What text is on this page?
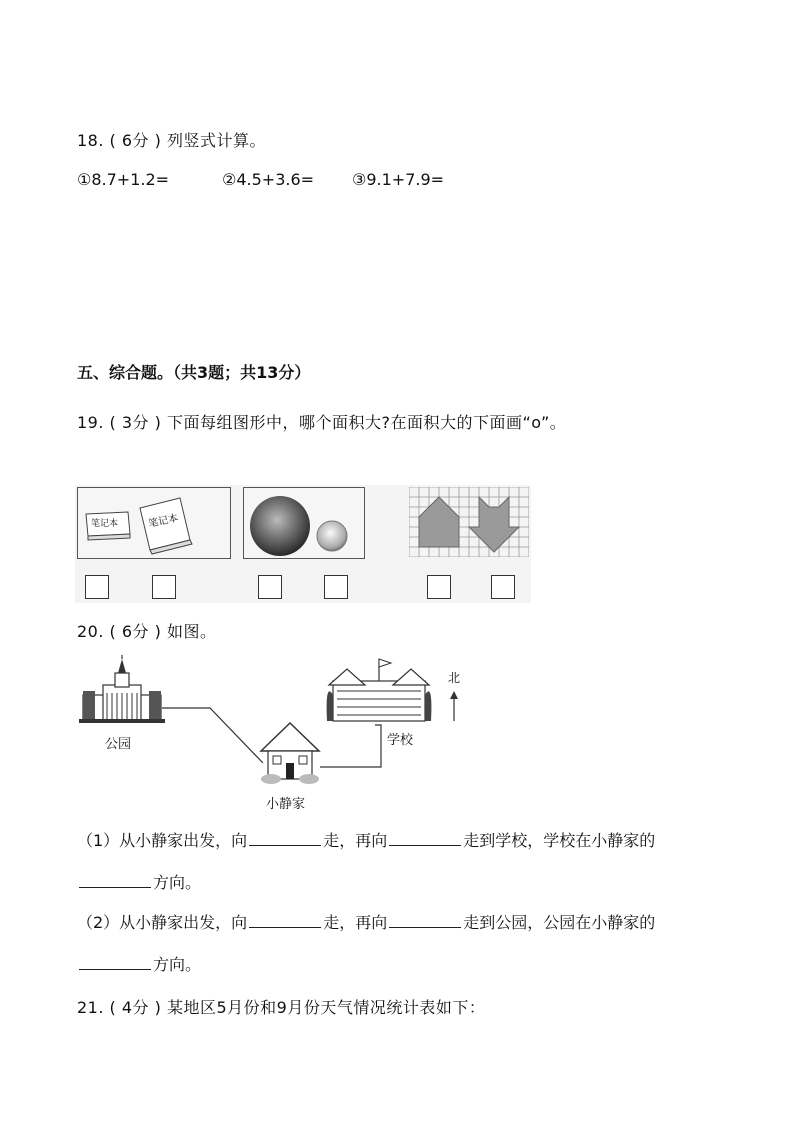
18. ( 6分 ) 列竖式计算。
①8.7+1.2=	②4.5+3.6= ③9.1+7.9=
五、综合题。（共3题；共13分）
19. ( 3分 ) 下面每组图形中，哪个面积大?在面积大的下面画“o”。
笔记本	笔记本
20. ( 6分 ) 如图。
公园	学校
小静家
北
（1）从小静家出发，向	走，再向	走到学校，学校在小静家的
方向。
（2）从小静家出发，向	走，再向	走到公园，公园在小静家的
方向。
21. ( 4分 ) 某地区5月份和9月份天气情况统计表如下：
